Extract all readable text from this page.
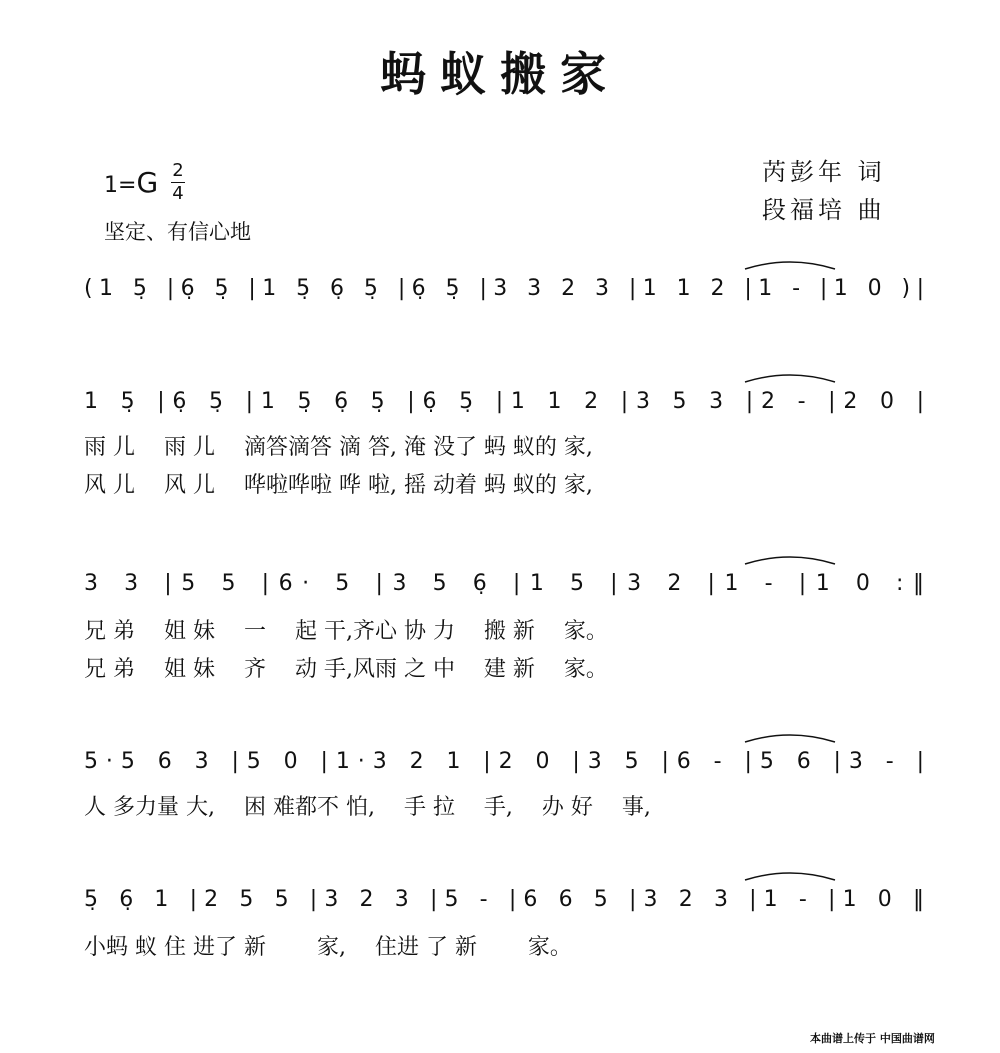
蚂蚁搬家
芮彭年 词
段福培 曲
1=G 2
4
坚定、有信心地
(1 5̣ |6̣ 5̣ |1 5̣ 6̣ 5̣ |6̣ 5̣ |3 3 2 3 |1 1 2 |1 - |1 0 )|
1 5̣ |6̣ 5̣ |1 5̣ 6̣ 5̣ |6̣ 5̣ |1 1 2 |3 5 3 |2 - |2 0 |
3 3 |5 5 |6· 5 |3 5 6̣ |1 5 |3 2 |1 - |1 0 :‖
5·5 6 3 |5 0 |1·3 2 1 |2 0 |3 5 |6 - |5 6 |3 - |
5̣ 6̣ 1 |2 5 5 |3 2 3 |5 - |6 6 5 |3 2 3 |1 - |1 0 ‖
雨 儿　 雨 儿　 滴答滴答 滴 答, 淹 没了 蚂 蚁的 家,
风 儿　 风 儿　 哗啦哗啦 哗 啦, 摇 动着 蚂 蚁的 家,
兄 弟　 姐 妹　 一　 起 干,齐心 协 力　 搬 新　 家。
兄 弟　 姐 妹　 齐　 动 手,风雨 之 中　 建 新　 家。
人 多力量 大,　 困 难都不 怕,　 手 拉　 手,　 办 好　 事,
小蚂 蚁 住 进了 新　　 家,　 住进 了 新　　 家。
本曲谱上传于 中国曲谱网
